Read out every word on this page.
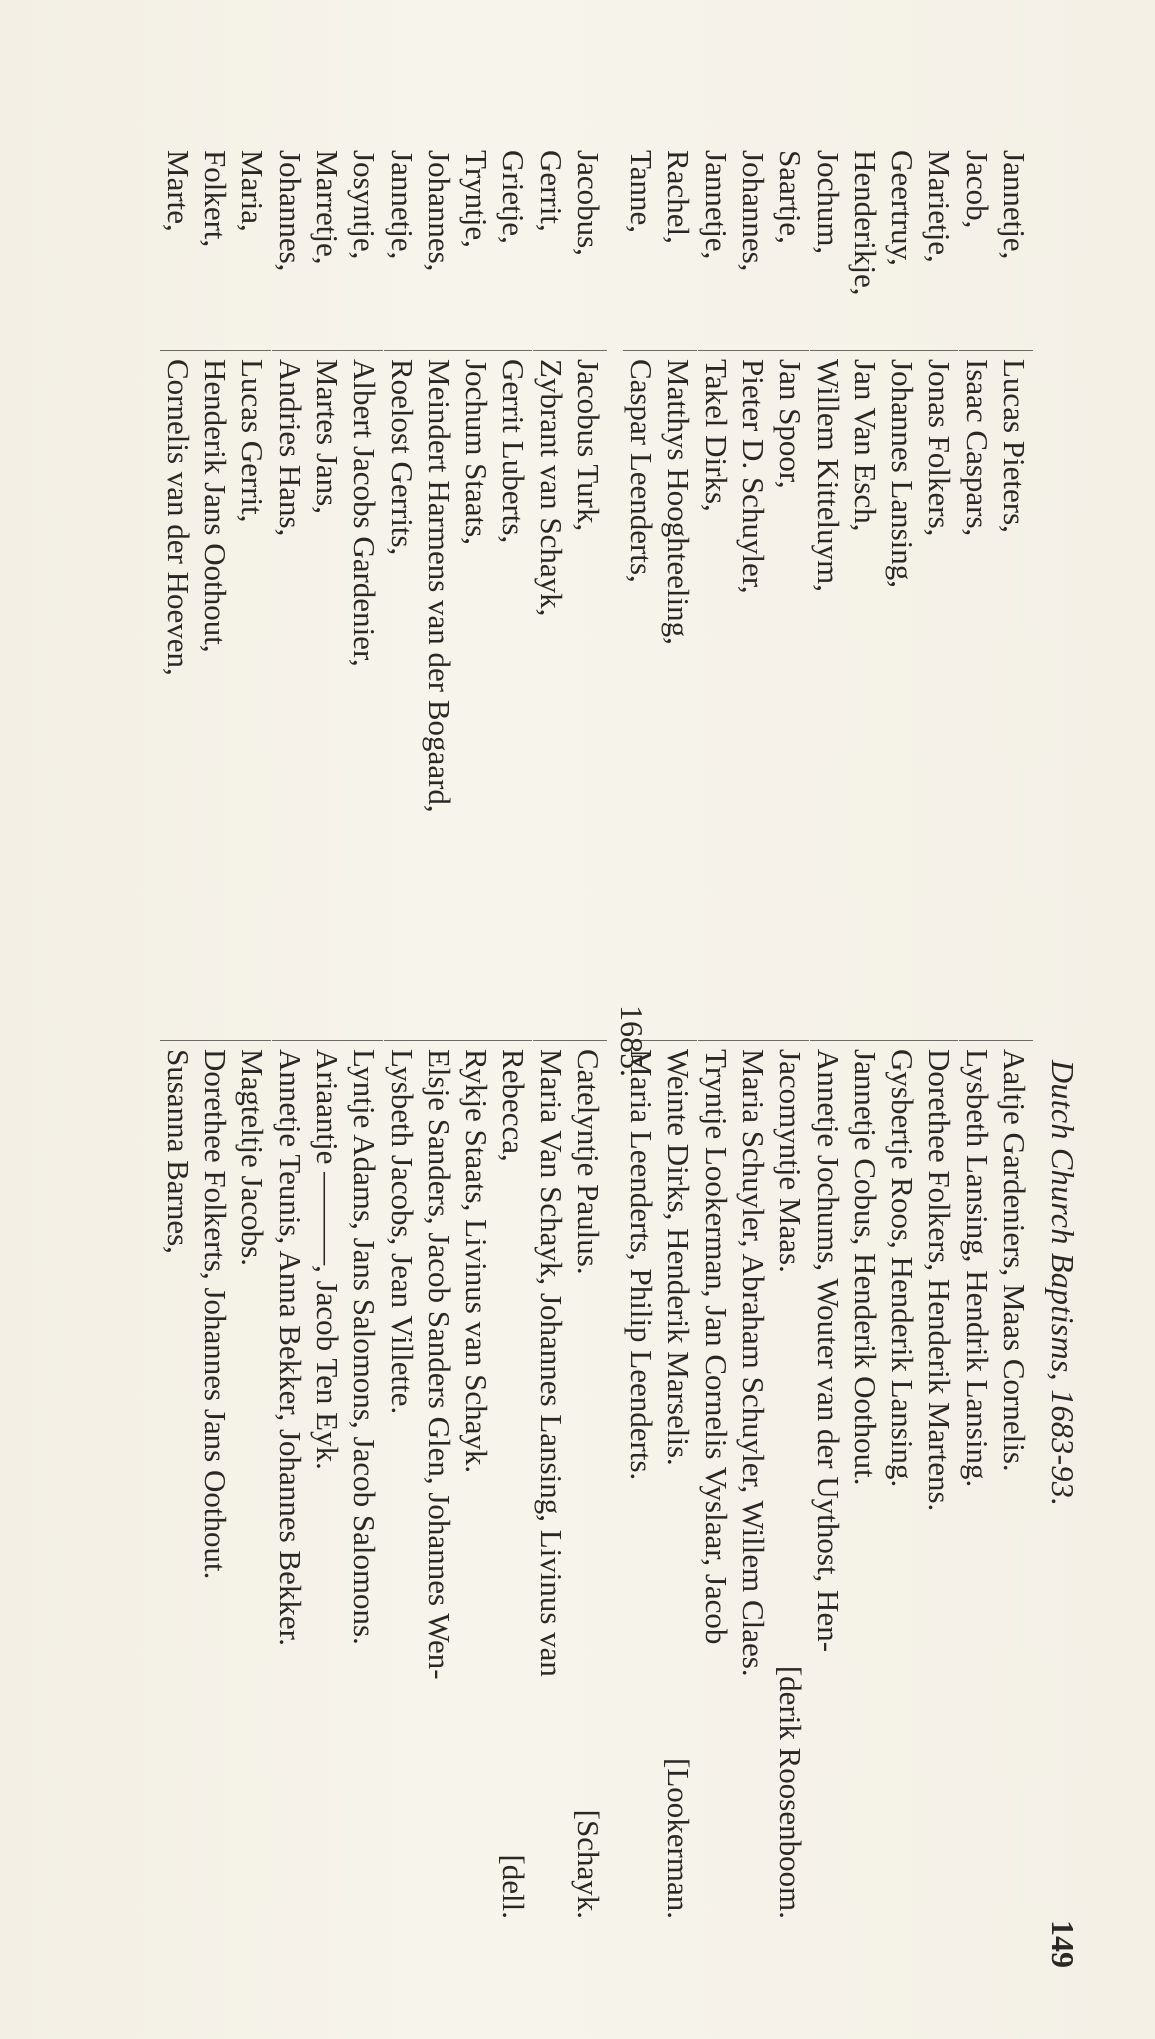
Dutch Church Baptisms, 1683-93.
149
Jannetje,
Lucas Pieters,
Aaltje Gardeniers, Maas Cornelis.
Jacob,
Isaac Caspars,
Lysbeth Lansing, Hendrik Lansing.
Marietje,
Jonas Folkers,
Dorethee Folkers, Henderik Martens.
Geertruy,
Johannes Lansing,
Gysbertje Roos, Henderik Lansing.
Henderikje,
Jan Van Esch,
Jannetje Cobus, Henderik Oothout.
Jochum,
Willem Kitteluym,
Annetje Jochums, Wouter van der Uythost, Hen-
Saartje,
Jan Spoor,
Jacomyntje Maas.
[derik Roosenboom.
Johannes,
Pieter D. Schuyler,
Maria Schuyler, Abraham Schuyler, Willem Claes.
Jannetje,
Takel Dirks,
Tryntje Lookerman, Jan Cornelis Vyslaar, Jacob
Rachel,
Matthys Hooghteeling,
Weinte Dirks, Henderik Marselis.
[Lookerman.
Tanne,
Caspar Leenderts,
Maria Leenderts, Philip Leenderts.
1685.
Jacobus,
Jacobus Turk,
Catelyntje Paulus.
[Schayk.
Gerrit,
Zybrant van Schayk,
Maria Van Schayk, Johannes Lansing, Livinus van
Grietje,
Gerrit Luberts,
Rebecca,
[dell.
Tryntje,
Jochum Staats,
Rykje Staats, Livinus van Schayk.
Johannes,
Meindert Harmens van der Bogaard,
Elsje Sanders, Jacob Sanders Glen, Johannes Wen-
Jannetje,
Roelost Gerrits,
Lysbeth Jacobs, Jean Villette.
Josyntje,
Albert Jacobs Gardenier,
Lyntje Adams, Jans Salomons, Jacob Salomons.
Marretje,
Martes Jans,
Ariaantje ———, Jacob Ten Eyk.
Johannes,
Andries Hans,
Annetje Teunis, Anna Bekker, Johannes Bekker.
Maria,
Lucas Gerrit,
Magteltje Jacobs.
Folkert,
Henderik Jans Oothout,
Dorethee Folkerts, Johannes Jans Oothout.
Marte,
Cornelis van der Hoeven,
Susanna Barnes,
